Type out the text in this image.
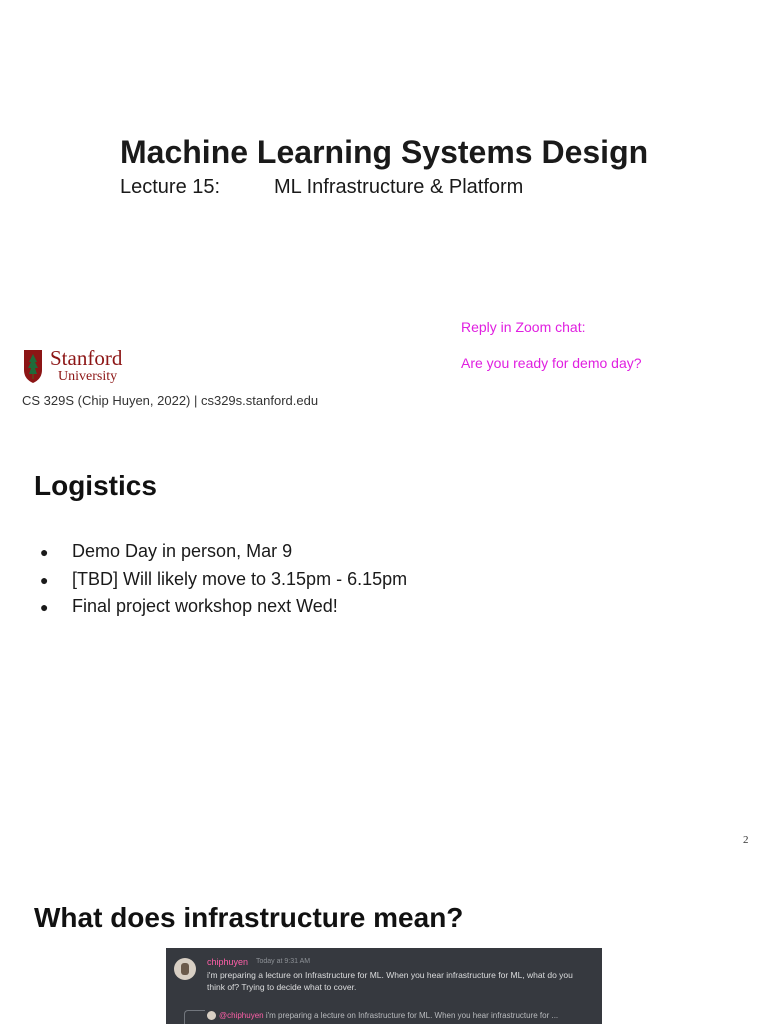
Machine Learning Systems Design
Lecture 15:	ML Infrastructure & Platform
Reply in Zoom chat:
Are you ready for demo day?
Stanford
University
CS 329S (Chip Huyen, 2022) | cs329s.stanford.edu
Logistics
● Demo Day in person, Mar 9
● [TBD] Will likely move to 3.15pm - 6.15pm
● Final project workshop next Wed!
2
What does infrastructure mean?
chiphuyen Today at 9:31 AM
i'm preparing a lecture on Infrastructure for ML. When you hear infrastructure for ML, what do you think of? Trying to decide what to cover.
@chiphuyen i'm preparing a lecture on Infrastructure for ML. When you hear infrastructure for ...
